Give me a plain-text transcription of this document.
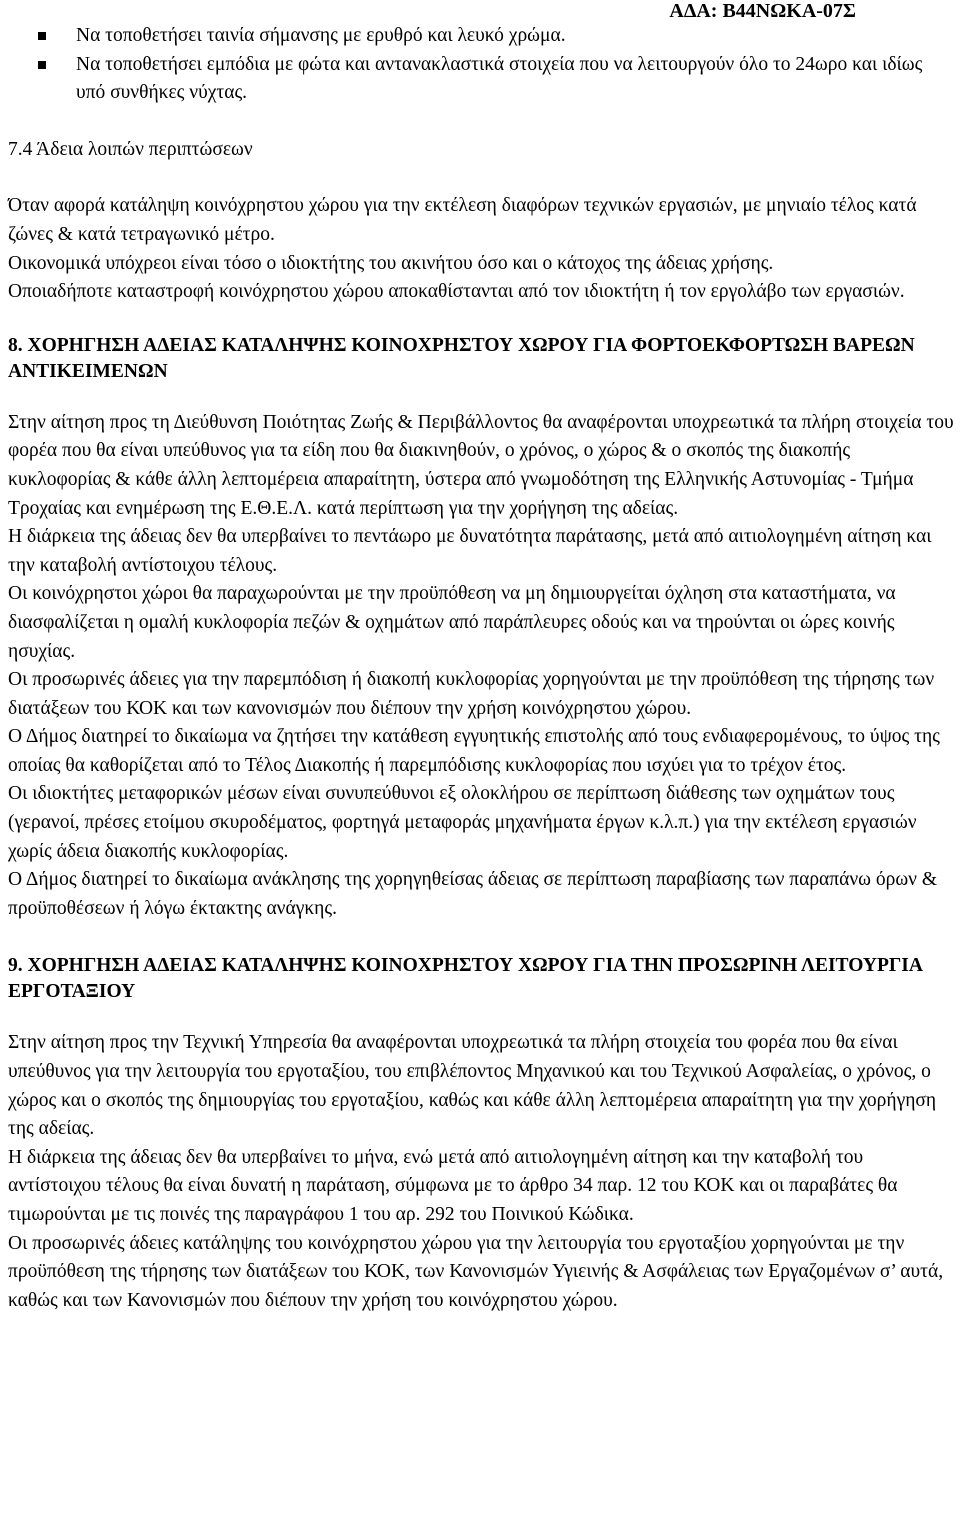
ΑΔΑ: Β44ΝΩΚΑ-07Σ
Να τοποθετήσει ταινία σήμανσης με ερυθρό και λευκό χρώμα.
Να τοποθετήσει εμπόδια με φώτα και αντανακλαστικά στοιχεία που να λειτουργούν όλο το 24ωρο και ιδίως υπό συνθήκες νύχτας.

7.4 Άδεια λοιπών περιπτώσεων

Όταν αφορά κατάληψη κοινόχρηστου χώρου για την εκτέλεση διαφόρων τεχνικών εργασιών, με μηνιαίο τέλος κατά ζώνες & κατά τετραγωνικό μέτρο.

Οικονομικά υπόχρεοι είναι τόσο ο ιδιοκτήτης του ακινήτου όσο και ο κάτοχος της άδειας χρήσης.

Οποιαδήποτε καταστροφή κοινόχρηστου χώρου αποκαθίστανται από τον ιδιοκτήτη ή τον εργολάβο των εργασιών.

8. ΧΟΡΗΓΗΣΗ ΑΔΕΙΑΣ ΚΑΤΑΛΗΨΗΣ ΚΟΙΝΟΧΡΗΣΤΟΥ ΧΩΡΟΥ ΓΙΑ ΦΟΡΤΟΕΚΦΟΡΤΩΣΗ ΒΑΡΕΩΝ ΑΝΤΙΚΕΙΜΕΝΩΝ

Στην αίτηση προς τη Διεύθυνση Ποιότητας Ζωής & Περιβάλλοντος θα αναφέρονται υποχρεωτικά τα πλήρη στοιχεία του φορέα που θα είναι υπεύθυνος για τα είδη που θα διακινηθούν, ο χρόνος, ο χώρος & ο σκοπός της διακοπής κυκλοφορίας & κάθε άλλη λεπτομέρεια απαραίτητη, ύστερα από γνωμοδότηση της Ελληνικής Αστυνομίας - Τμήμα Τροχαίας και ενημέρωση της Ε.Θ.Ε.Λ. κατά περίπτωση για την χορήγηση της αδείας.

Η διάρκεια της άδειας δεν θα υπερβαίνει το πεντάωρο με δυνατότητα παράτασης, μετά από αιτιολογημένη αίτηση και την καταβολή αντίστοιχου τέλους.

Οι κοινόχρηστοι χώροι θα παραχωρούνται με την προϋπόθεση να μη δημιουργείται όχληση στα καταστήματα, να διασφαλίζεται η ομαλή κυκλοφορία πεζών & οχημάτων από παράπλευρες οδούς και να τηρούνται οι ώρες κοινής ησυχίας.

Οι προσωρινές άδειες για την παρεμπόδιση ή διακοπή κυκλοφορίας χορηγούνται με την προϋπόθεση της τήρησης των διατάξεων του ΚΟΚ και των κανονισμών που διέπουν την χρήση κοινόχρηστου χώρου.

Ο Δήμος διατηρεί το δικαίωμα να ζητήσει την κατάθεση εγγυητικής επιστολής από τους ενδιαφερομένους, το ύψος της οποίας θα καθορίζεται από το Τέλος Διακοπής ή παρεμπόδισης κυκλοφορίας που ισχύει για το τρέχον έτος.

Οι ιδιοκτήτες μεταφορικών μέσων είναι συνυπεύθυνοι εξ ολοκλήρου σε περίπτωση διάθεσης των οχημάτων τους (γερανοί, πρέσες ετοίμου σκυροδέματος, φορτηγά μεταφοράς μηχανήματα έργων κ.λ.π.) για την εκτέλεση εργασιών χωρίς άδεια διακοπής κυκλοφορίας.

Ο Δήμος διατηρεί το δικαίωμα ανάκλησης της χορηγηθείσας άδειας σε περίπτωση παραβίασης των παραπάνω όρων & προϋποθέσεων ή λόγω έκτακτης ανάγκης.

9. ΧΟΡΗΓΗΣΗ ΑΔΕΙΑΣ ΚΑΤΑΛΗΨΗΣ ΚΟΙΝΟΧΡΗΣΤΟΥ ΧΩΡΟΥ ΓΙΑ ΤΗΝ ΠΡΟΣΩΡΙΝΗ ΛΕΙΤΟΥΡΓΙΑ ΕΡΓΟΤΑΞΙΟΥ

Στην αίτηση προς την Τεχνική Υπηρεσία θα αναφέρονται υποχρεωτικά τα πλήρη στοιχεία του φορέα που θα είναι υπεύθυνος για την λειτουργία του εργοταξίου, του επιβλέποντος Μηχανικού και του Τεχνικού Ασφαλείας, ο χρόνος, ο χώρος και ο σκοπός της δημιουργίας του εργοταξίου, καθώς και κάθε άλλη λεπτομέρεια απαραίτητη για την χορήγηση της αδείας.

Η διάρκεια της άδειας δεν θα υπερβαίνει το μήνα, ενώ μετά από αιτιολογημένη αίτηση και την καταβολή του αντίστοιχου τέλους θα είναι δυνατή η παράταση, σύμφωνα με το άρθρο 34 παρ. 12 του ΚΟΚ και οι παραβάτες θα τιμωρούνται με τις ποινές της παραγράφου 1 του αρ. 292 του Ποινικού Κώδικα.

Οι προσωρινές άδειες κατάληψης του κοινόχρηστου χώρου για την λειτουργία του εργοταξίου χορηγούνται με την προϋπόθεση της τήρησης των διατάξεων του ΚΟΚ, των Κανονισμών Υγιεινής & Ασφάλειας των Εργαζομένων σ’ αυτά, καθώς και των Κανονισμών που διέπουν την χρήση του κοινόχρηστου χώρου.
